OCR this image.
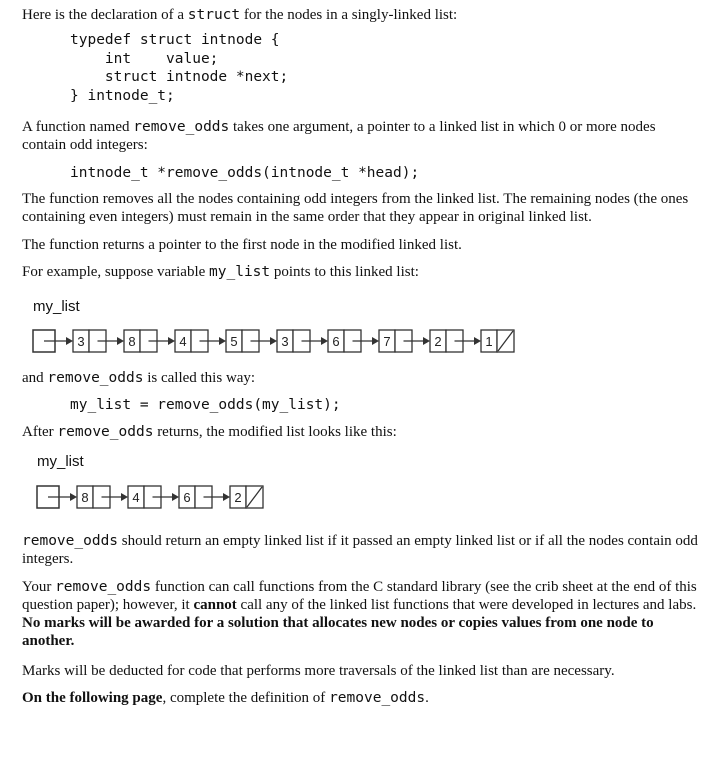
Here is the declaration of a struct for the nodes in a singly-linked list:
typedef struct intnode {
int    value;
struct intnode *next;
} intnode_t;
A function named remove_odds takes one argument, a pointer to a linked list in which 0 or more nodes contain odd integers:
intnode_t *remove_odds(intnode_t *head);
The function removes all the nodes containing odd integers from the linked list. The remaining nodes (the ones containing even integers) must remain in the same order that they appear in original linked list.
The function returns a pointer to the first node in the modified linked list.
For example, suppose variable my_list points to this linked list:
my_list
3	8	4	5	3	6	7	2	1
and remove_odds is called this way:
my_list = remove_odds(my_list);
After remove_odds returns, the modified list looks like this:
my_list
8	4	6	2
remove_odds should return an empty linked list if it passed an empty linked list or if all the nodes contain odd integers.
Your remove_odds function can call functions from the C standard library (see the crib sheet at the end of this question paper); however, it cannot call any of the linked list functions that were developed in lectures and labs. No marks will be awarded for a solution that allocates new nodes or copies values from one node to another.
Marks will be deducted for code that performs more traversals of the linked list than are necessary.
On the following page, complete the definition of remove_odds.
